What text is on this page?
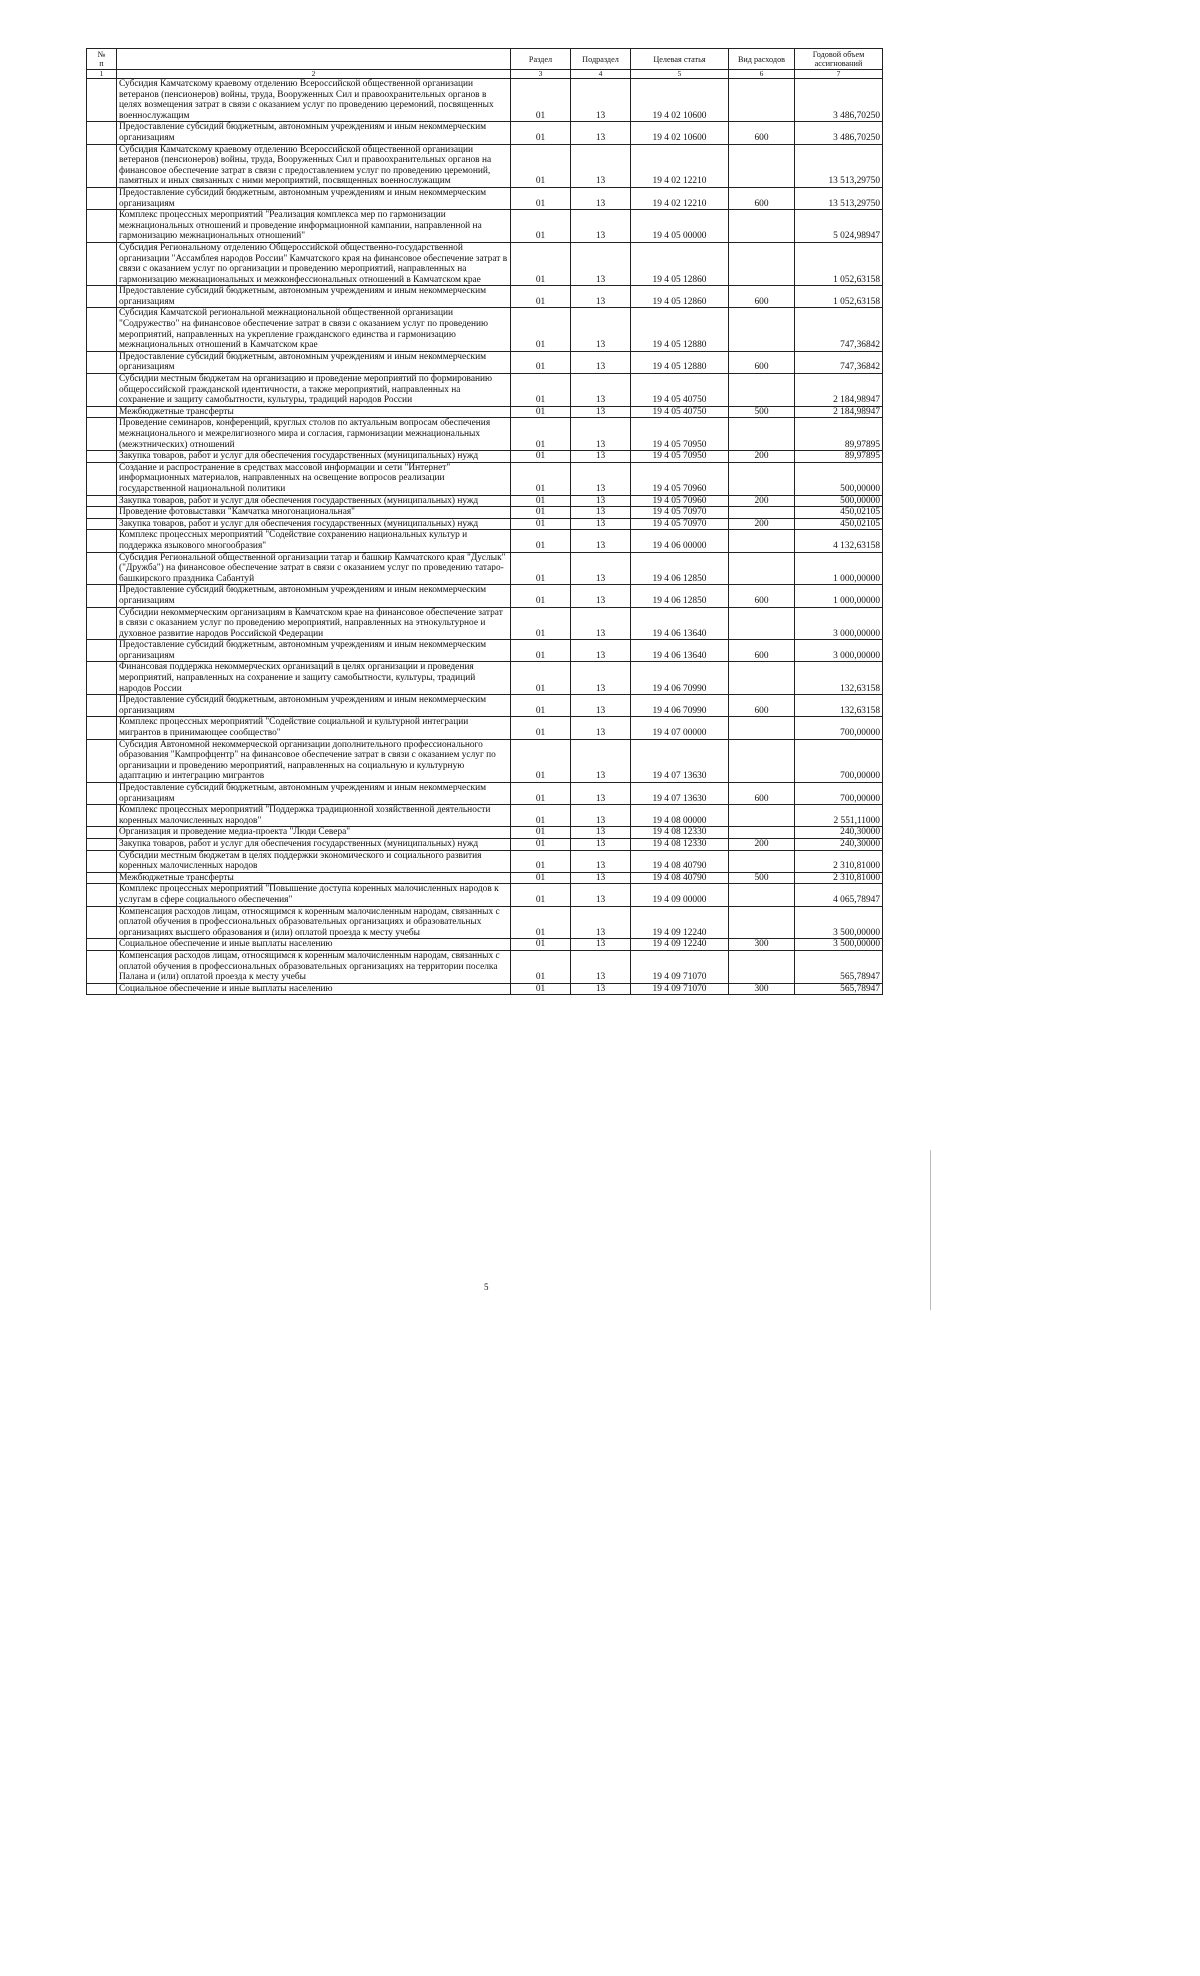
№
п		Раздел	Подраздел	Целевая статья	Вид расходов	Годовой объем ассигнований
1	2	3	4	5	6	7
	Субсидия Камчатскому краевому отделению Всероссийской общественной организации ветеранов (пенсионеров) войны, труда, Вооруженных Сил и правоохранительных органов в целях возмещения затрат в связи с оказанием услуг по проведению церемоний, посвященных военнослужащим	01	13	19 4 02 10600		3 486,70250
	Предоставление субсидий бюджетным, автономным учреждениям и иным некоммерческим организациям	01	13	19 4 02 10600	600	3 486,70250
	Субсидия Камчатскому краевому отделению Всероссийской общественной организации ветеранов (пенсионеров) войны, труда, Вооруженных Сил и правоохранительных органов на финансовое обеспечение затрат в связи с предоставлением услуг по проведению церемоний, памятных и иных связанных с ними мероприятий, посвященных военнослужащим	01	13	19 4 02 12210		13 513,29750
	Предоставление субсидий бюджетным, автономным учреждениям и иным некоммерческим организациям	01	13	19 4 02 12210	600	13 513,29750
	Комплекс процессных мероприятий "Реализация комплекса мер по гармонизации межнациональных отношений и проведение информационной кампании, направленной на гармонизацию межнациональных отношений"	01	13	19 4 05 00000		5 024,98947
	Субсидия Региональному отделению Общероссийской общественно-государственной организации "Ассамблея народов России" Камчатского края на финансовое обеспечение затрат в связи с оказанием услуг по организации и проведению мероприятий, направленных на гармонизацию межнациональных и межконфессиональных отношений в Камчатском крае	01	13	19 4 05 12860		1 052,63158
	Предоставление субсидий бюджетным, автономным учреждениям и иным некоммерческим организациям	01	13	19 4 05 12860	600	1 052,63158
	Субсидия Камчатской региональной межнациональной общественной организации "Содружество" на финансовое обеспечение затрат в связи с оказанием услуг по проведению мероприятий, направленных на укрепление гражданского единства и гармонизацию межнациональных отношений в Камчатском крае	01	13	19 4 05 12880		747,36842
	Предоставление субсидий бюджетным, автономным учреждениям и иным некоммерческим организациям	01	13	19 4 05 12880	600	747,36842
	Субсидии местным бюджетам на организацию и проведение мероприятий по формированию общероссийской гражданской идентичности, а также мероприятий, направленных на сохранение и защиту самобытности, культуры, традиций народов России	01	13	19 4 05 40750		2 184,98947
	Межбюджетные трансферты	01	13	19 4 05 40750	500	2 184,98947
	Проведение семинаров, конференций, круглых столов по актуальным вопросам обеспечения межнационального и межрелигиозного мира и согласия, гармонизации межнациональных (межэтнических) отношений	01	13	19 4 05 70950		89,97895
	Закупка товаров, работ и услуг для обеспечения государственных (муниципальных) нужд	01	13	19 4 05 70950	200	89,97895
	Создание и распространение в средствах массовой информации и сети "Интернет" информационных материалов, направленных на освещение вопросов реализации государственной национальной политики	01	13	19 4 05 70960		500,00000
	Закупка товаров, работ и услуг для обеспечения государственных (муниципальных) нужд	01	13	19 4 05 70960	200	500,00000
	Проведение фотовыставки "Камчатка многонациональная"	01	13	19 4 05 70970		450,02105
	Закупка товаров, работ и услуг для обеспечения государственных (муниципальных) нужд	01	13	19 4 05 70970	200	450,02105
	Комплекс процессных мероприятий "Содействие сохранению национальных культур и поддержка языкового многообразия"	01	13	19 4 06 00000		4 132,63158
	Субсидия Региональной общественной организации татар и башкир Камчатского края "Дуслык" ("Дружба") на финансовое обеспечение затрат в связи с оказанием услуг по проведению татаро-башкирского праздника Сабантуй	01	13	19 4 06 12850		1 000,00000
	Предоставление субсидий бюджетным, автономным учреждениям и иным некоммерческим организациям	01	13	19 4 06 12850	600	1 000,00000
	Субсидии некоммерческим организациям в Камчатском крае на финансовое обеспечение затрат в связи с оказанием услуг по проведению мероприятий, направленных на этнокультурное и духовное развитие народов Российской Федерации	01	13	19 4 06 13640		3 000,00000
	Предоставление субсидий бюджетным, автономным учреждениям и иным некоммерческим организациям	01	13	19 4 06 13640	600	3 000,00000
	Финансовая поддержка некоммерческих организаций в целях организации и проведения мероприятий, направленных на сохранение и защиту самобытности, культуры, традиций народов России	01	13	19 4 06 70990		132,63158
	Предоставление субсидий бюджетным, автономным учреждениям и иным некоммерческим организациям	01	13	19 4 06 70990	600	132,63158
	Комплекс процессных мероприятий "Содействие социальной и культурной интеграции мигрантов в принимающее сообщество"	01	13	19 4 07 00000		700,00000
	Субсидия Автономной некоммерческой организации дополнительного профессионального образования "Кампрофцентр" на финансовое обеспечение затрат в связи с оказанием услуг по организации и проведению мероприятий, направленных на социальную и культурную адаптацию и интеграцию мигрантов	01	13	19 4 07 13630		700,00000
	Предоставление субсидий бюджетным, автономным учреждениям и иным некоммерческим организациям	01	13	19 4 07 13630	600	700,00000
	Комплекс процессных мероприятий "Поддержка традиционной хозяйственной деятельности коренных малочисленных народов"	01	13	19 4 08 00000		2 551,11000
	Организация и проведение медиа-проекта "Люди Севера"	01	13	19 4 08 12330		240,30000
	Закупка товаров, работ и услуг для обеспечения государственных (муниципальных) нужд	01	13	19 4 08 12330	200	240,30000
	Субсидии местным бюджетам в целях поддержки экономического и социального развития коренных малочисленных народов	01	13	19 4 08 40790		2 310,81000
	Межбюджетные трансферты	01	13	19 4 08 40790	500	2 310,81000
	Комплекс процессных мероприятий "Повышение доступа коренных малочисленных народов к услугам в сфере социального обеспечения"	01	13	19 4 09 00000		4 065,78947
	Компенсация расходов лицам, относящимся к коренным малочисленным народам, связанных с оплатой обучения в профессиональных образовательных организациях и образовательных организациях высшего образования и (или) оплатой проезда к месту учебы	01	13	19 4 09 12240		3 500,00000
	Социальное обеспечение и иные выплаты населению	01	13	19 4 09 12240	300	3 500,00000
	Компенсация расходов лицам, относящимся к коренным малочисленным народам, связанных с оплатой обучения в профессиональных образовательных организациях на территории поселка Палана и (или) оплатой проезда к месту учебы	01	13	19 4 09 71070		565,78947
	Социальное обеспечение и иные выплаты населению	01	13	19 4 09 71070	300	565,78947
5
